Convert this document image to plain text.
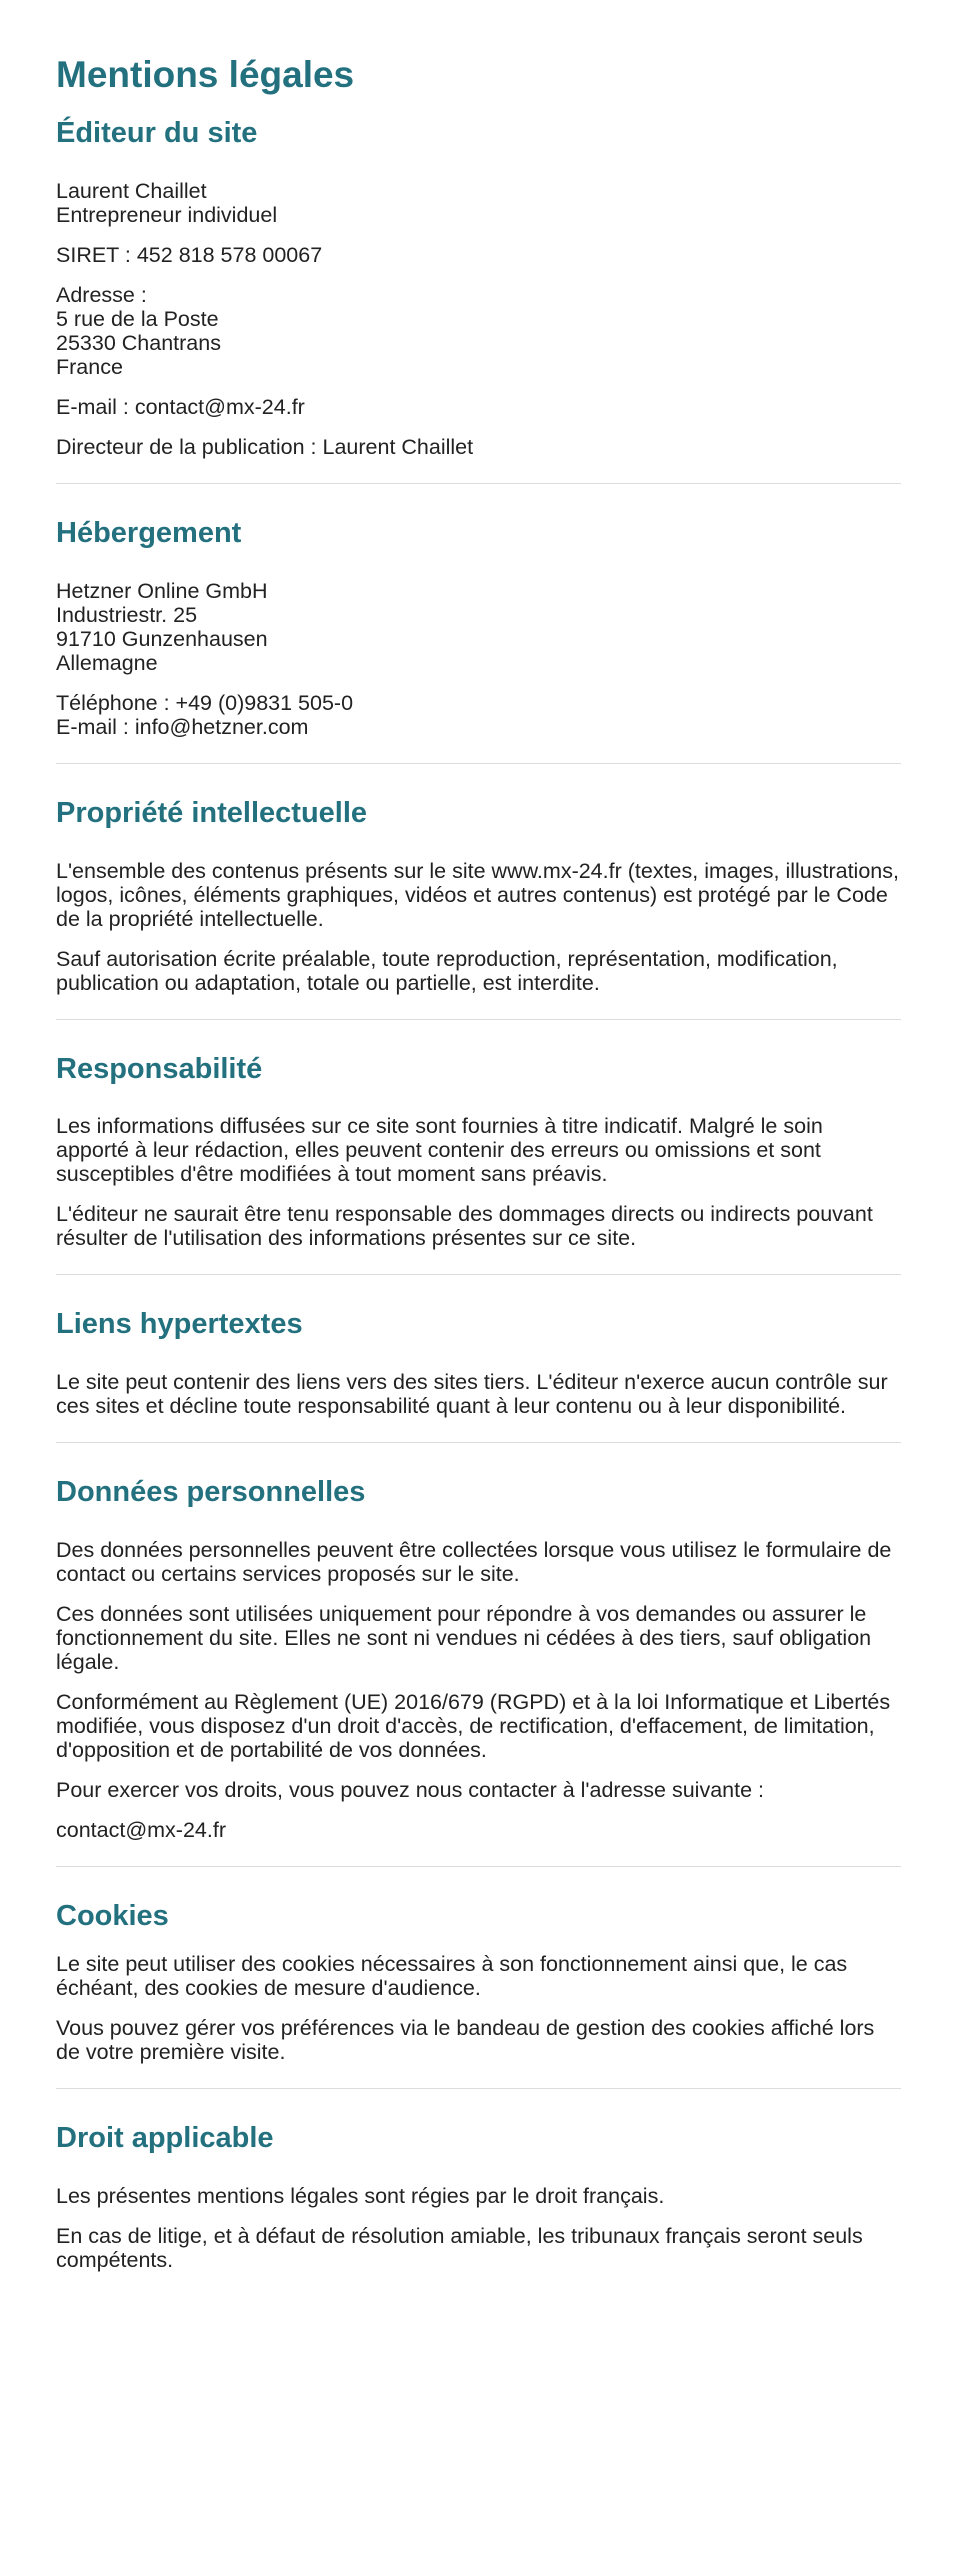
Mentions légales
Éditeur du site

Laurent Chaillet
Entrepreneur individuel

SIRET : 452 818 578 00067

Adresse :
5 rue de la Poste
25330 Chantrans
France

E-mail : contact@mx-24.fr

Directeur de la publication : Laurent Chaillet

Hébergement

Hetzner Online GmbH
Industriestr. 25
91710 Gunzenhausen
Allemagne

Téléphone : +49 (0)9831 505-0
E-mail : info@hetzner.com

Propriété intellectuelle

L'ensemble des contenus présents sur le site www.mx-24.fr (textes, images, illustrations, logos, icônes, éléments graphiques, vidéos et autres contenus) est protégé par le Code de la propriété intellectuelle.

Sauf autorisation écrite préalable, toute reproduction, représentation, modification, publication ou adaptation, totale ou partielle, est interdite.

Responsabilité

Les informations diffusées sur ce site sont fournies à titre indicatif. Malgré le soin apporté à leur rédaction, elles peuvent contenir des erreurs ou omissions et sont susceptibles d'être modifiées à tout moment sans préavis.

L'éditeur ne saurait être tenu responsable des dommages directs ou indirects pouvant résulter de l'utilisation des informations présentes sur ce site.

Liens hypertextes

Le site peut contenir des liens vers des sites tiers. L'éditeur n'exerce aucun contrôle sur ces sites et décline toute responsabilité quant à leur contenu ou à leur disponibilité.

Données personnelles

Des données personnelles peuvent être collectées lorsque vous utilisez le formulaire de contact ou certains services proposés sur le site.

Ces données sont utilisées uniquement pour répondre à vos demandes ou assurer le fonctionnement du site. Elles ne sont ni vendues ni cédées à des tiers, sauf obligation légale.

Conformément au Règlement (UE) 2016/679 (RGPD) et à la loi Informatique et Libertés modifiée, vous disposez d'un droit d'accès, de rectification, d'effacement, de limitation, d'opposition et de portabilité de vos données.

Pour exercer vos droits, vous pouvez nous contacter à l'adresse suivante :

contact@mx-24.fr

Cookies

Le site peut utiliser des cookies nécessaires à son fonctionnement ainsi que, le cas échéant, des cookies de mesure d'audience.

Vous pouvez gérer vos préférences via le bandeau de gestion des cookies affiché lors de votre première visite.

Droit applicable

Les présentes mentions légales sont régies par le droit français.

En cas de litige, et à défaut de résolution amiable, les tribunaux français seront seuls compétents.
